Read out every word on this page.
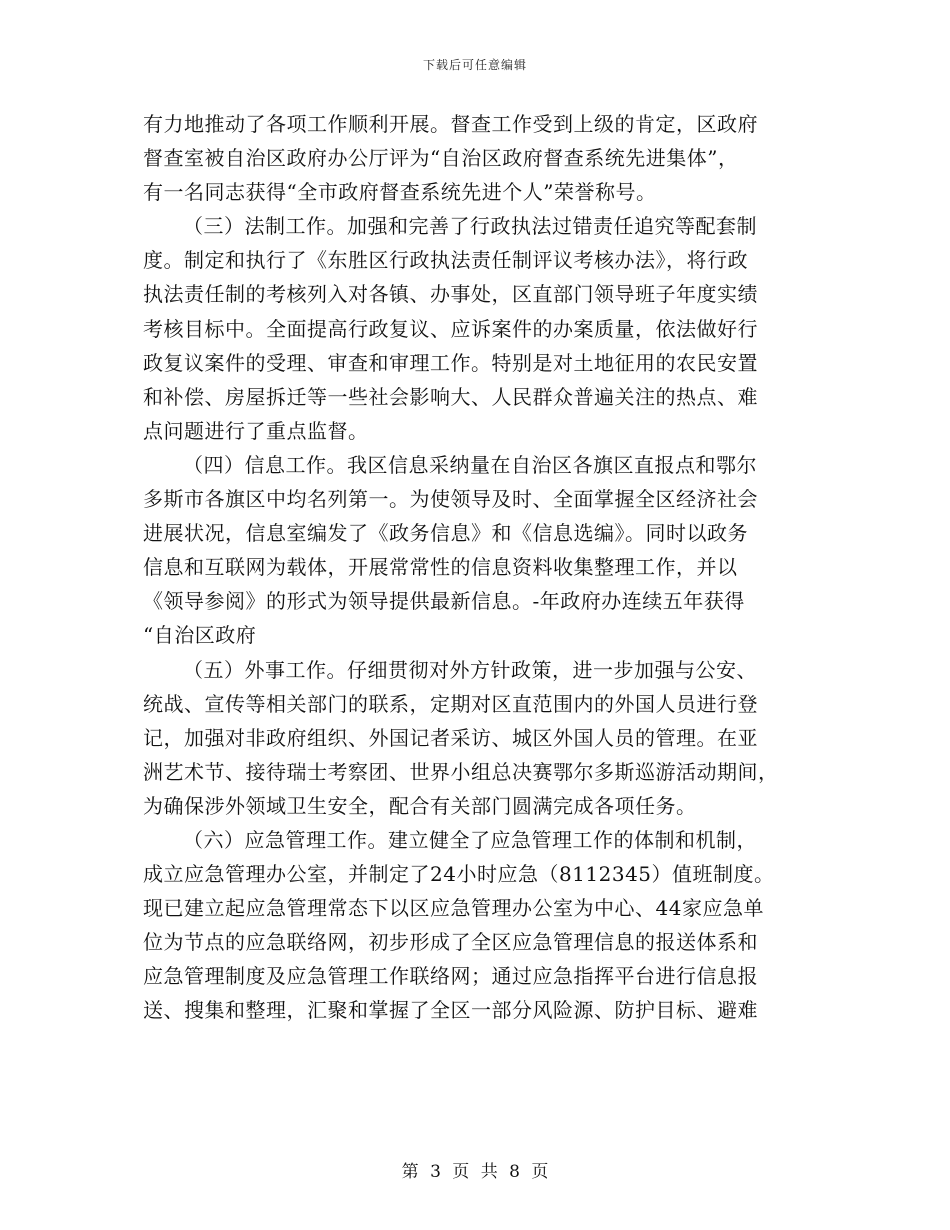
下载后可任意编辑
有力地推动了各项工作顺利开展。督查工作受到上级的肯定，区政府
督查室被自治区政府办公厅评为“自治区政府督查系统先进集体”，
有一名同志获得“全市政府督查系统先进个人”荣誉称号。
（三）法制工作。加强和完善了行政执法过错责任追究等配套制
度。制定和执行了《东胜区行政执法责任制评议考核办法》，将行政
执法责任制的考核列入对各镇、办事处，区直部门领导班子年度实绩
考核目标中。全面提高行政复议、应诉案件的办案质量，依法做好行
政复议案件的受理、审查和审理工作。特别是对土地征用的农民安置
和补偿、房屋拆迁等一些社会影响大、人民群众普遍关注的热点、难
点问题进行了重点监督。
（四）信息工作。我区信息采纳量在自治区各旗区直报点和鄂尔
多斯市各旗区中均名列第一。为使领导及时、全面掌握全区经济社会
进展状况，信息室编发了《政务信息》和《信息选编》。同时以政务
信息和互联网为载体，开展常常性的信息资料收集整理工作，并以
《领导参阅》的形式为领导提供最新信息。-年政府办连续五年获得
“自治区政府
（五）外事工作。仔细贯彻对外方针政策，进一步加强与公安、
统战、宣传等相关部门的联系，定期对区直范围内的外国人员进行登
记，加强对非政府组织、外国记者采访、城区外国人员的管理。在亚
洲艺术节、接待瑞士考察团、世界小组总决赛鄂尔多斯巡游活动期间，
为确保涉外领域卫生安全，配合有关部门圆满完成各项任务。
（六）应急管理工作。建立健全了应急管理工作的体制和机制，
成立应急管理办公室，并制定了24小时应急（8112345）值班制度。
现已建立起应急管理常态下以区应急管理办公室为中心、44家应急单
位为节点的应急联络网，初步形成了全区应急管理信息的报送体系和
应急管理制度及应急管理工作联络网；通过应急指挥平台进行信息报
送、搜集和整理，汇聚和掌握了全区一部分风险源、防护目标、避难
第 3 页 共 8 页
